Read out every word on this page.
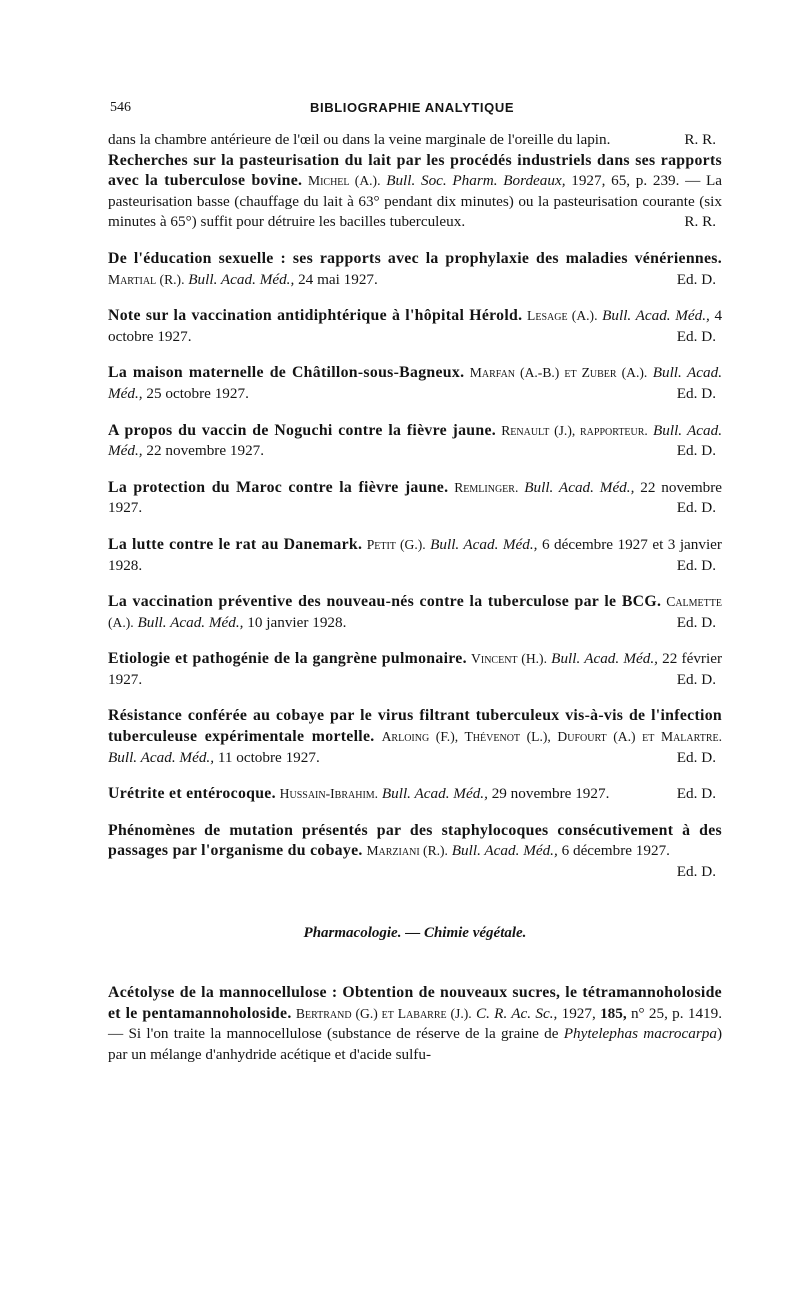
546	BIBLIOGRAPHIE ANALYTIQUE

dans la chambre antérieure de l'œil ou dans la veine marginale de l'oreille du lapin.	R. R.

Recherches sur la pasteurisation du lait par les procédés industriels dans ses rapports avec la tuberculose bovine. Michel (A.). Bull. Soc. Pharm. Bordeaux, 1927, 65, p. 239. — La pasteurisation basse (chauffage du lait à 63° pendant dix minutes) ou la pasteurisation courante (six minutes à 65°) suffit pour détruire les bacilles tuberculeux.	R. R.

De l'éducation sexuelle : ses rapports avec la prophylaxie des maladies vénériennes. Martial (R.). Bull. Acad. Méd., 24 mai 1927.	Ed. D.

Note sur la vaccination antidiphtérique à l'hôpital Hérold. Lesage (A.). Bull. Acad. Méd., 4 octobre 1927.	Ed. D.

La maison maternelle de Châtillon-sous-Bagneux. Marfan (A.-B.) et Zuber (A.). Bull. Acad. Méd., 25 octobre 1927.	Ed. D.

A propos du vaccin de Noguchi contre la fièvre jaune. Renault (J.), rapporteur. Bull. Acad. Méd., 22 novembre 1927.	Ed. D.

La protection du Maroc contre la fièvre jaune. Remlinger. Bull. Acad. Méd., 22 novembre 1927.	Ed. D.

La lutte contre le rat au Danemark. Petit (G.). Bull. Acad. Méd., 6 décembre 1927 et 3 janvier 1928.	Ed. D.

La vaccination préventive des nouveau-nés contre la tuberculose par le BCG. Calmette (A.). Bull. Acad. Méd., 10 janvier 1928.	Ed. D.

Etiologie et pathogénie de la gangrène pulmonaire. Vincent (H.). Bull. Acad. Méd., 22 février 1927.	Ed. D.

Résistance conférée au cobaye par le virus filtrant tuberculeux vis-à-vis de l'infection tuberculeuse expérimentale mortelle. Arloing (F.), Thévenot (L.), Dufourt (A.) et Malartre. Bull. Acad. Méd., 11 octobre 1927.	Ed. D.

Urétrite et entérocoque. Hussain-Ibrahim. Bull. Acad. Méd., 29 novembre 1927.	Ed. D.

Phénomènes de mutation présentés par des staphylocoques consécutivement à des passages par l'organisme du cobaye. Marziani (R.). Bull. Acad. Méd., 6 décembre 1927.
Ed. D.

Pharmacologie. — Chimie végétale.

Acétolyse de la mannocellulose : Obtention de nouveaux sucres, le tétramannoholoside et le pentamannoholoside. Bertrand (G.) et Labarre (J.). C. R. Ac. Sc., 1927, 185, n° 25, p. 1419. — Si l'on traite la mannocellulose (substance de réserve de la graine de Phytelephas macrocarpa) par un mélange d'anhydride acétique et d'acide sulfu-
